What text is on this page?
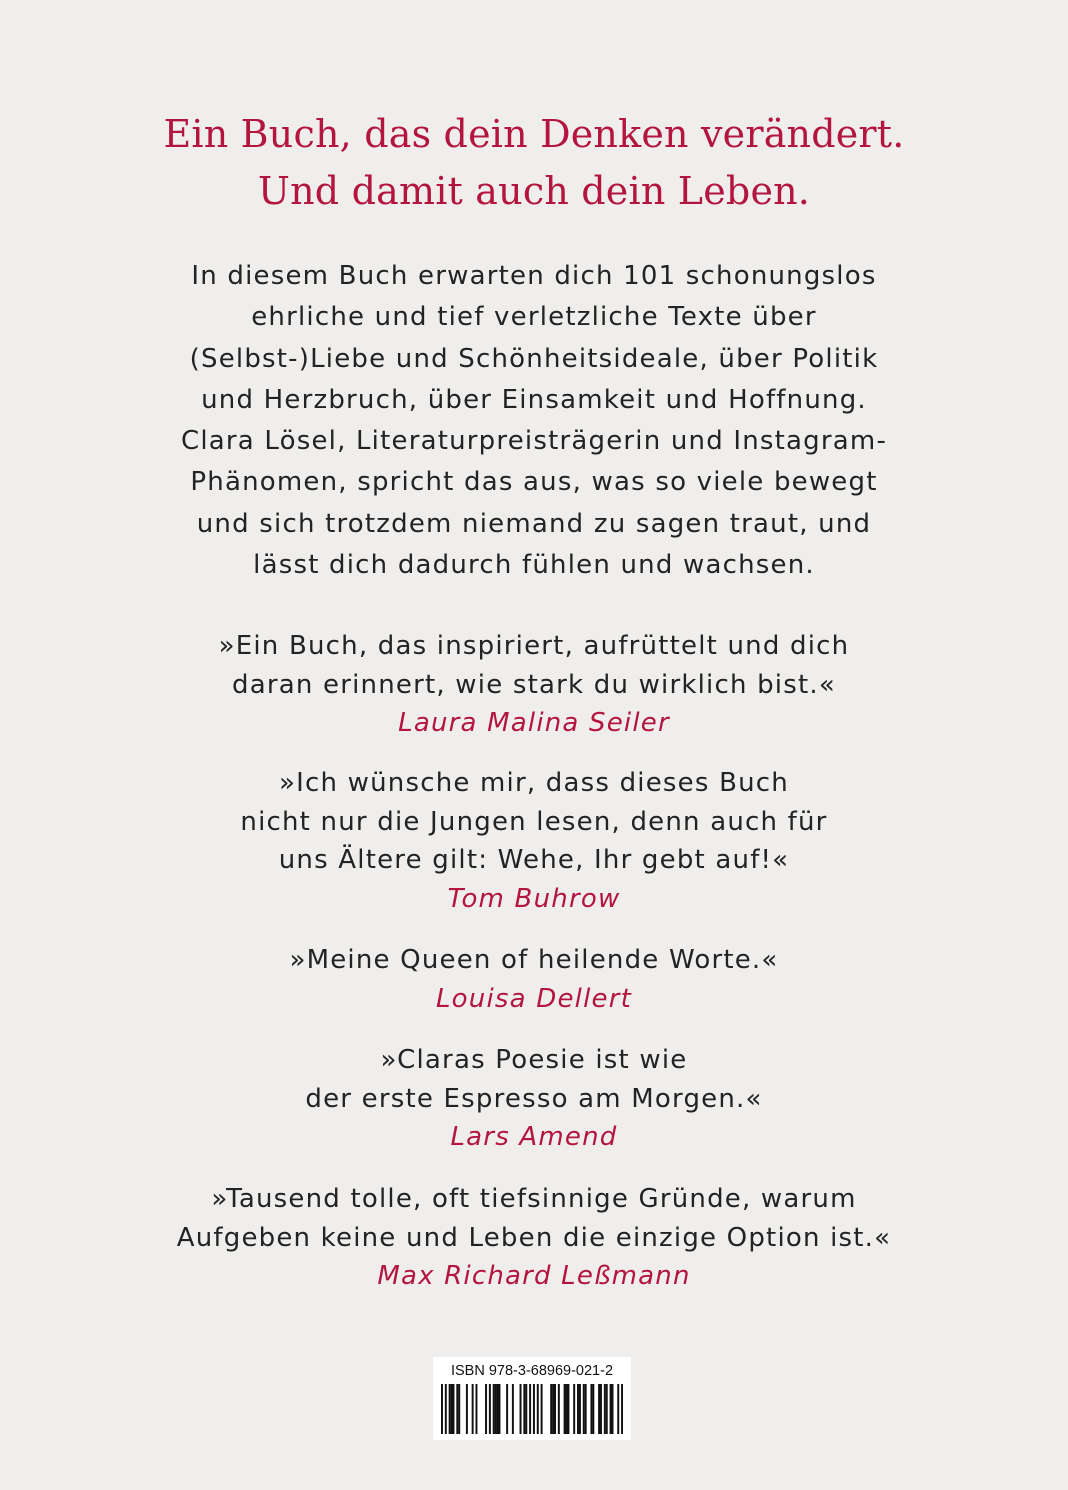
Ein Buch, das dein Denken verändert.
Und damit auch dein Leben.

In diesem Buch erwarten dich 101 schonungslos
ehrliche und tief verletzliche Texte über
(Selbst-)Liebe und Schönheitsideale, über Politik
und Herzbruch, über Einsamkeit und Hoffnung.
Clara Lösel, Literaturpreisträgerin und Instagram-
Phänomen, spricht das aus, was so viele bewegt
und sich trotzdem niemand zu sagen traut, und
lässt dich dadurch fühlen und wachsen.

»Ein Buch, das inspiriert, aufrüttelt und dich
daran erinnert, wie stark du wirklich bist.«
Laura Malina Seiler
»Ich wünsche mir, dass dieses Buch
nicht nur die Jungen lesen, denn auch für
uns Ältere gilt: Wehe, Ihr gebt auf!«
Tom Buhrow
»Meine Queen of heilende Worte.«
Louisa Dellert
»Claras Poesie ist wie
der erste Espresso am Morgen.«
Lars Amend
»Tausend tolle, oft tiefsinnige Gründe, warum
Aufgeben keine und Leben die einzige Option ist.«
Max Richard Leßmann
ISBN 978-3-68969-021-2
